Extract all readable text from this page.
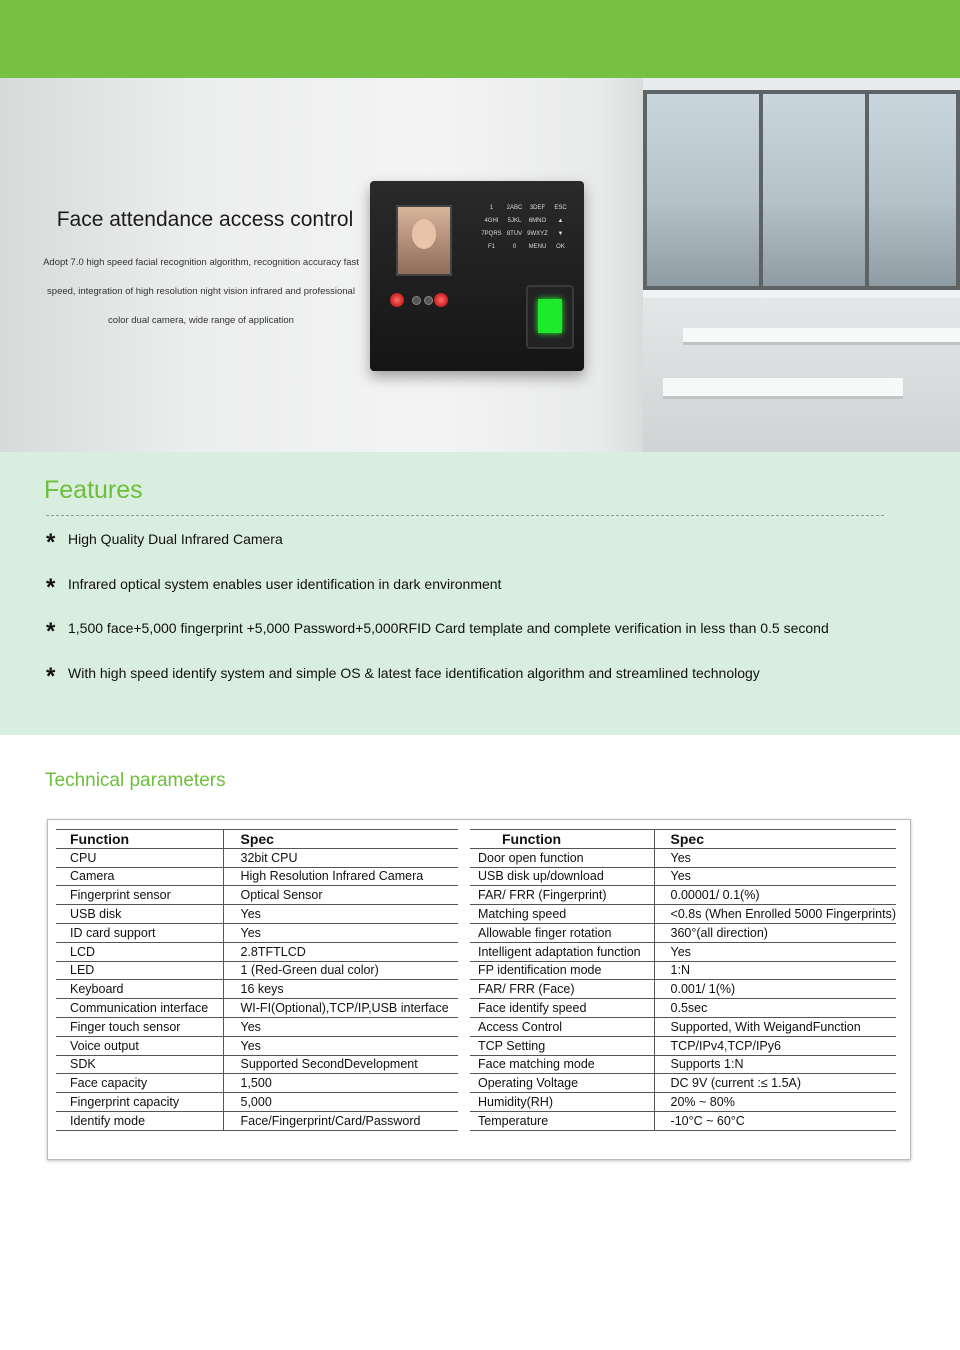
Face attendance access control
Adopt 7.0 high speed facial recognition algorithm, recognition accuracy fast speed, integration of high resolution night vision infrared and professional color dual camera, wide range of application
1	2ABC	3DEF	ESC
4GHI	5JKL	6MNO	▲
7PQRS 8TUV 9WXYZ	▼
F1	0	MENU	OK
Features
* High Quality Dual Infrared Camera
* Infrared optical system enables user identification in dark environment
* 1,500 face+5,000 fingerprint +5,000 Password+5,000RFID Card template and complete verification in less than 0.5 second
* With high speed identify system and simple OS & latest face identification algorithm and streamlined technology
Technical parameters
Function	Spec
CPU	32bit CPU
Camera	High Resolution Infrared Camera
Fingerprint sensor	Optical Sensor
USB disk	Yes
ID card support	Yes
LCD	2.8TFTLCD
LED	1 (Red-Green dual color)
Keyboard	16 keys
Communication interface	WI-FI(Optional),TCP/IP,USB interface
Finger touch sensor	Yes
Voice output	Yes
SDK	Supported SecondDevelopment
Face capacity	1,500
Fingerprint capacity	5,000
Identify mode	Face/Fingerprint/Card/Password
Function	Spec
Door open function	Yes
USB disk up/download	Yes
FAR/ FRR (Fingerprint)	0.00001/ 0.1(%)
Matching speed	<0.8s (When Enrolled 5000 Fingerprints)
Allowable finger rotation	360°(all direction)
Intelligent adaptation function	Yes
FP identification mode	1:N
FAR/ FRR (Face)	0.001/ 1(%)
Face identify speed	0.5sec
Access Control	Supported, With WeigandFunction
TCP Setting	TCP/IPv4,TCP/IPy6
Face matching mode	Supports 1:N
Operating Voltage	DC 9V (current :≤ 1.5A)
Humidity(RH)	20% ~ 80%
Temperature	-10°C ~ 60°C
